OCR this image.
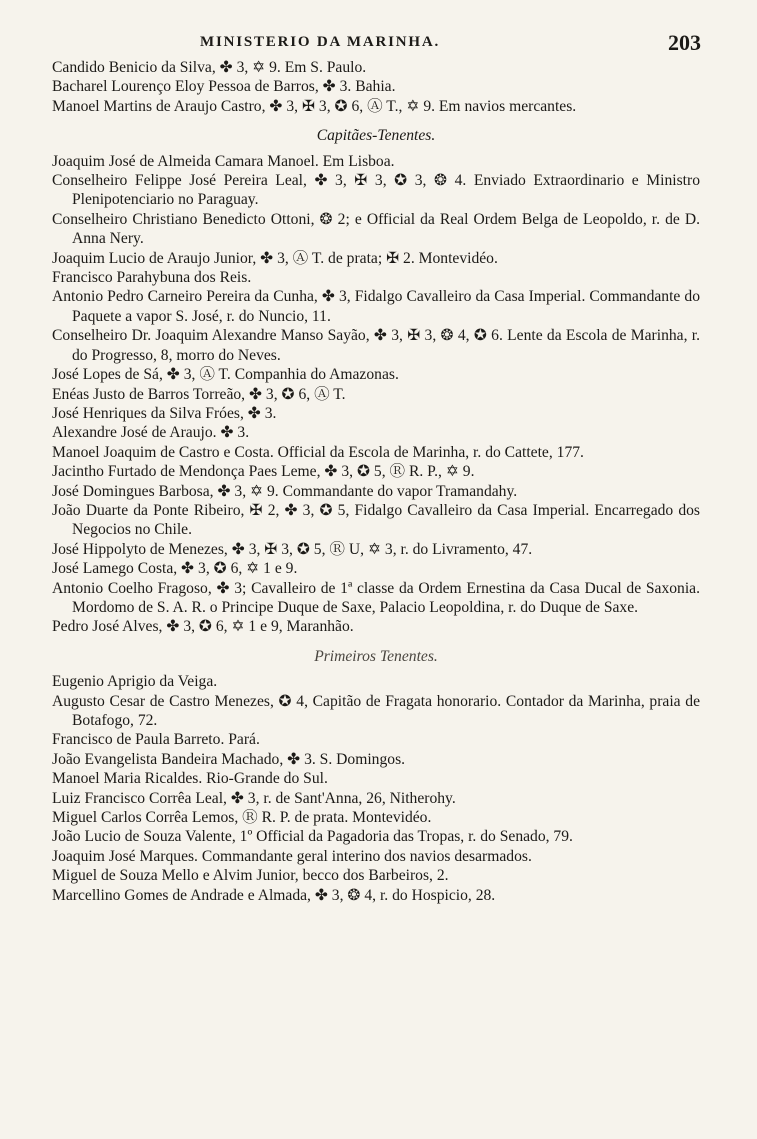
MINISTERIO DA MARINHA.	203

Candido Benicio da Silva, ✤ 3, ✡ 9. Em S. Paulo.

Bacharel Lourenço Eloy Pessoa de Barros, ✤ 3. Bahia.

Manoel Martins de Araujo Castro, ✤ 3, ✠ 3, ✪ 6, Ⓐ T., ✡ 9. Em navios mercantes.

Capitães-Tenentes.

Joaquim José de Almeida Camara Manoel. Em Lisboa.

Conselheiro Felippe José Pereira Leal, ✤ 3, ✠ 3, ✪ 3, ❂ 4. Enviado Extraordinario e Ministro Plenipotenciario no Paraguay.

Conselheiro Christiano Benedicto Ottoni, ❂ 2; e Official da Real Ordem Belga de Leopoldo, r. de D. Anna Nery.

Joaquim Lucio de Araujo Junior, ✤ 3, Ⓐ T. de prata; ✠ 2. Montevidéo.

Francisco Parahybuna dos Reis.

Antonio Pedro Carneiro Pereira da Cunha, ✤ 3, Fidalgo Cavalleiro da Casa Imperial. Commandante do Paquete a vapor S. José, r. do Nuncio, 11.

Conselheiro Dr. Joaquim Alexandre Manso Sayão, ✤ 3, ✠ 3, ❂ 4, ✪ 6. Lente da Escola de Marinha, r. do Progresso, 8, morro do Neves.

José Lopes de Sá, ✤ 3, Ⓐ T. Companhia do Amazonas.

Enéas Justo de Barros Torreão, ✤ 3, ✪ 6, Ⓐ T.

José Henriques da Silva Fróes, ✤ 3.

Alexandre José de Araujo. ✤ 3.

Manoel Joaquim de Castro e Costa. Official da Escola de Marinha, r. do Cattete, 177.

Jacintho Furtado de Mendonça Paes Leme, ✤ 3, ✪ 5, Ⓡ R. P., ✡ 9.

José Domingues Barbosa, ✤ 3, ✡ 9. Commandante do vapor Tramandahy.

João Duarte da Ponte Ribeiro, ✠ 2, ✤ 3, ✪ 5, Fidalgo Cavalleiro da Casa Imperial. Encarregado dos Negocios no Chile.

José Hippolyto de Menezes, ✤ 3, ✠ 3, ✪ 5, Ⓡ U, ✡ 3, r. do Livramento, 47.

José Lamego Costa, ✤ 3, ✪ 6, ✡ 1 e 9.

Antonio Coelho Fragoso, ✤ 3; Cavalleiro de 1ª classe da Ordem Ernestina da Casa Ducal de Saxonia. Mordomo de S. A. R. o Principe Duque de Saxe, Palacio Leopoldina, r. do Duque de Saxe.

Pedro José Alves, ✤ 3, ✪ 6, ✡ 1 e 9, Maranhão.

Primeiros Tenentes.

Eugenio Aprigio da Veiga.

Augusto Cesar de Castro Menezes, ✪ 4, Capitão de Fragata honorario. Contador da Marinha, praia de Botafogo, 72.

Francisco de Paula Barreto. Pará.

João Evangelista Bandeira Machado, ✤ 3. S. Domingos.

Manoel Maria Ricaldes. Rio-Grande do Sul.

Luiz Francisco Corrêa Leal, ✤ 3, r. de Sant'Anna, 26, Nitherohy.

Miguel Carlos Corrêa Lemos, Ⓡ R. P. de prata. Montevidéo.

João Lucio de Souza Valente, 1º Official da Pagadoria das Tropas, r. do Senado, 79.

Joaquim José Marques. Commandante geral interino dos navios desarmados.

Miguel de Souza Mello e Alvim Junior, becco dos Barbeiros, 2.

Marcellino Gomes de Andrade e Almada, ✤ 3, ❂ 4, r. do Hospicio, 28.
